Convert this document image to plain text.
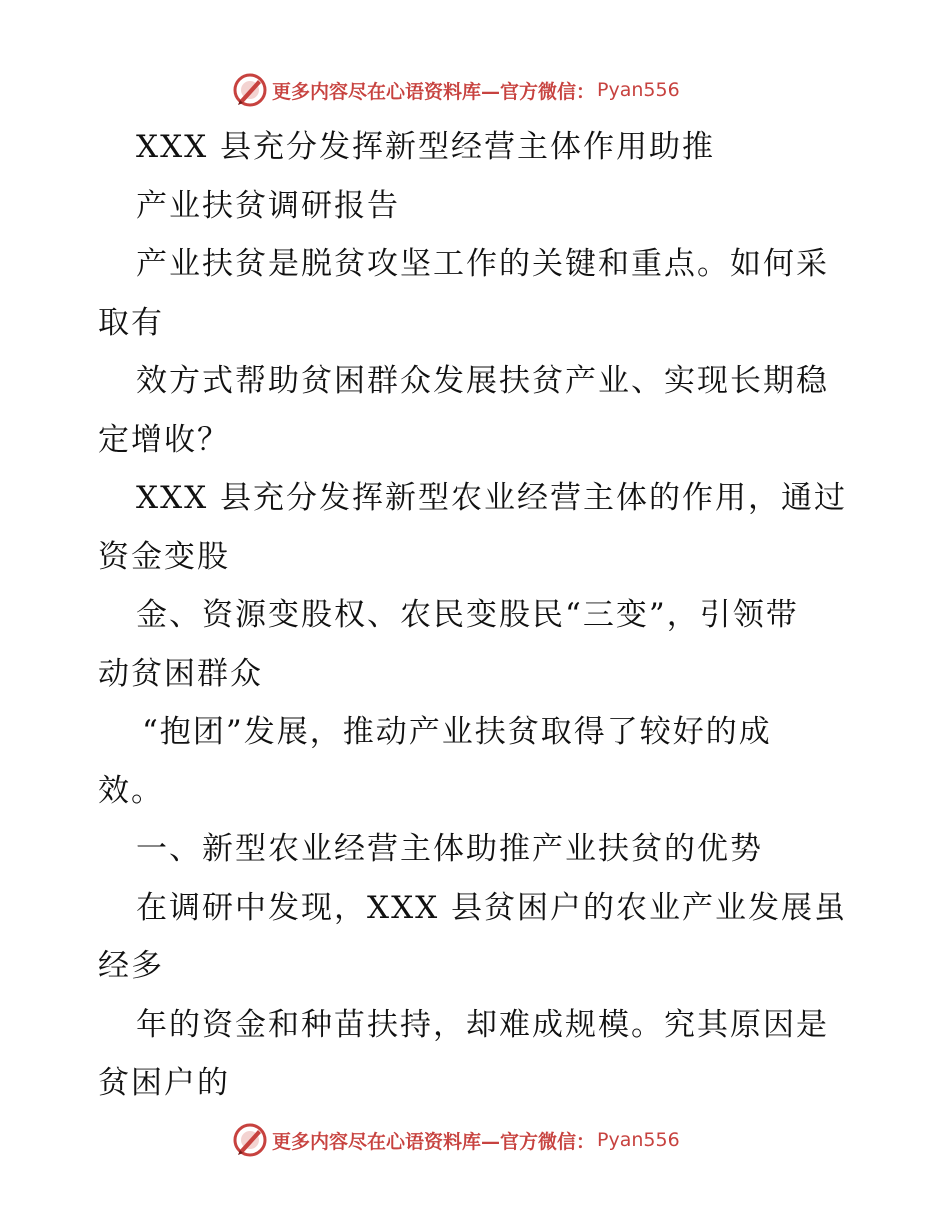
更多内容尽在心语资料库—官方微信： Pyan556
XXX 县充分发挥新型经营主体作用助推
产业扶贫调研报告
产业扶贫是脱贫攻坚工作的关键和重点。如何采
取有
效方式帮助贫困群众发展扶贫产业、实现长期稳
定增收？
XXX 县充分发挥新型农业经营主体的作用，通过
资金变股
金、资源变股权、农民变股民“三变”，引领带
动贫困群众
“抱团”发展，推动产业扶贫取得了较好的成
效。
一、新型农业经营主体助推产业扶贫的优势
在调研中发现，XXX 县贫困户的农业产业发展虽
经多
年的资金和种苗扶持，却难成规模。究其原因是
贫困户的
更多内容尽在心语资料库—官方微信： Pyan556
